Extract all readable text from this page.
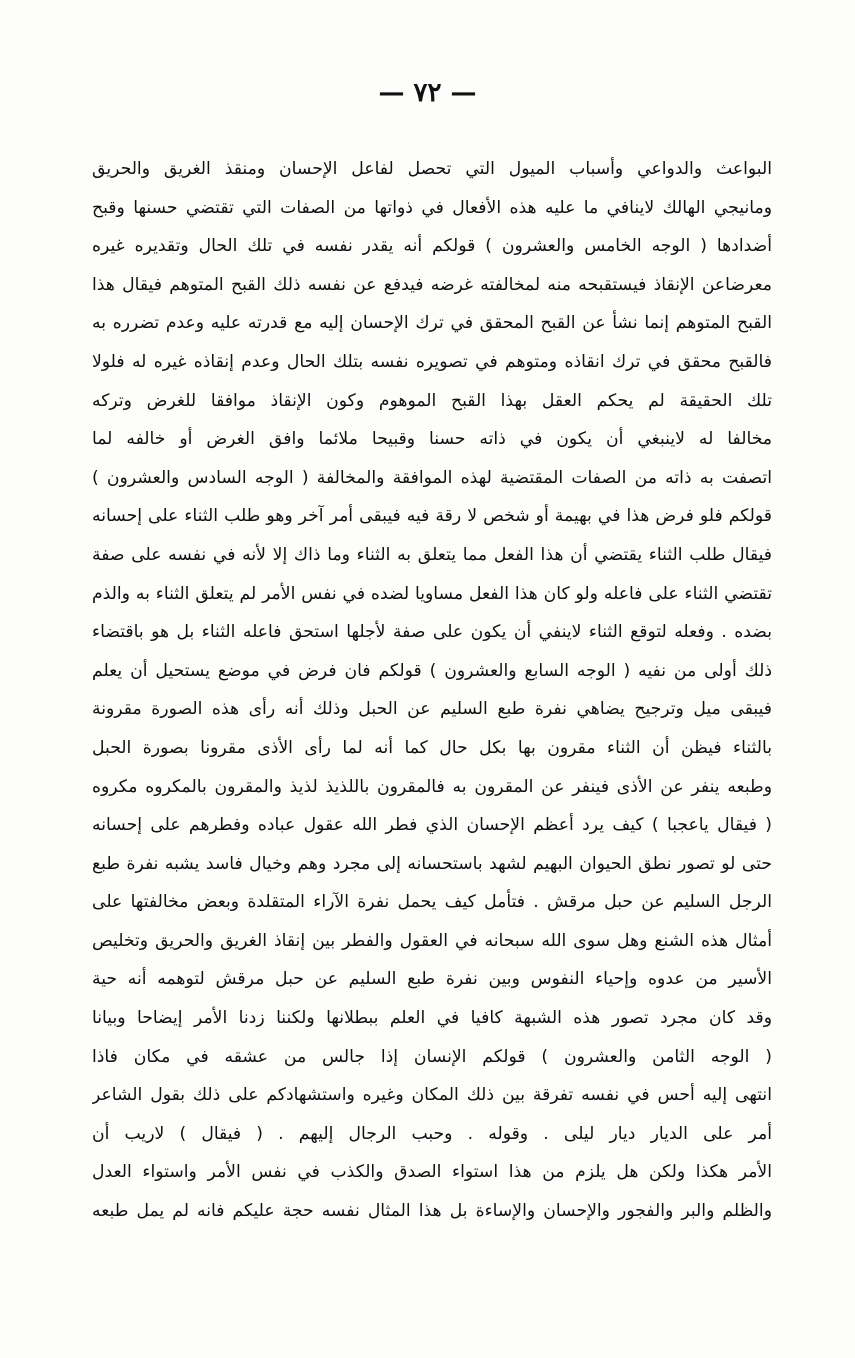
— ٧٢ —
البواعث والدواعي وأسباب الميول التي تحصل لفاعل الإحسان ومنقذ الغريق والحريق
ومانيجي الهالك لاينافي ما عليه هذه الأفعال في ذواتها من الصفات التي تقتضي حسنها وقبح
أضدادها ( الوجه الخامس والعشرون ) قولكم أنه يقدر نفسه في تلك الحال وتقديره غيره
معرضاعن الإنقاذ فيستقبحه منه لمخالفته غرضه فيدفع عن نفسه ذلك القبح المتوهم فيقال هذا
القبح المتوهم إنما نشأ عن القبح المحقق في ترك الإحسان إليه مع قدرته عليه وعدم تضرره به
فالقبح محقق في ترك انقاذه ومتوهم في تصويره نفسه بتلك الحال وعدم إنقاذه غيره له فلولا
تلك الحقيقة لم يحكم العقل بهذا القبح الموهوم وكون الإنقاذ موافقا للغرض وتركه
مخالفا له لاينبغي أن يكون في ذاته حسنا وقبيحا ملائما وافق الغرض أو خالفه لما
اتصفت به ذاته من الصفات المقتضية لهذه الموافقة والمخالفة ( الوجه السادس والعشرون )
قولكم فلو فرض هذا في بهيمة أو شخص لا رقة فيه فيبقى أمر آخر وهو طلب الثناء على إحسانه
فيقال طلب الثناء يقتضي أن هذا الفعل مما يتعلق به الثناء وما ذاك إلا لأنه في نفسه على صفة
تقتضي الثناء على فاعله ولو كان هذا الفعل مساويا لضده في نفس الأمر لم يتعلق الثناء به والذم
بضده . وفعله لتوقع الثناء لاينفي أن يكون على صفة لأجلها استحق فاعله الثناء بل هو باقتضاء
ذلك أولى من نفيه ( الوجه السابع والعشرون ) قولكم فان فرض في موضع يستحيل أن يعلم
فيبقى ميل وترجيح يضاهي نفرة طبع السليم عن الحبل وذلك أنه رأى هذه الصورة مقرونة
بالثناء فيظن أن الثناء مقرون بها بكل حال كما أنه لما رأى الأذى مقرونا بصورة الحبل
وطبعه ينفر عن الأذى فينفر عن المقرون به فالمقرون باللذيذ لذيذ والمقرون بالمكروه مكروه
( فيقال ياعجبا ) كيف يرد أعظم الإحسان الذي فطر الله عقول عباده وفطرهم على إحسانه
حتى لو تصور نطق الحيوان البهيم لشهد باستحسانه إلى مجرد وهم وخيال فاسد يشبه نفرة طبع
الرجل السليم عن حبل مرقش . فتأمل كيف يحمل نفرة الآراء المتقلدة وبعض مخالفتها على
أمثال هذه الشنع وهل سوى الله سبحانه في العقول والفطر بين إنقاذ الغريق والحريق وتخليص
الأسير من عدوه وإحياء النفوس وبين نفرة طبع السليم عن حبل مرقش لتوهمه أنه حية
وقد كان مجرد تصور هذه الشبهة كافيا في العلم ببطلانها ولكننا زدنا الأمر إيضاحا وبيانا
( الوجه الثامن والعشرون ) قولكم الإنسان إذا جالس من عشقه في مكان فاذا
انتهى إليه أحس في نفسه تفرقة بين ذلك المكان وغيره واستشهادكم على ذلك بقول الشاعر
أمر على الديار ديار ليلى . وقوله . وحبب الرجال إليهم . ( فيقال ) لاريب أن
الأمر هكذا ولكن هل يلزم من هذا استواء الصدق والكذب في نفس الأمر واستواء العدل
والظلم والبر والفجور والإحسان والإساءة بل هذا المثال نفسه حجة عليكم فانه لم يمل طبعه
